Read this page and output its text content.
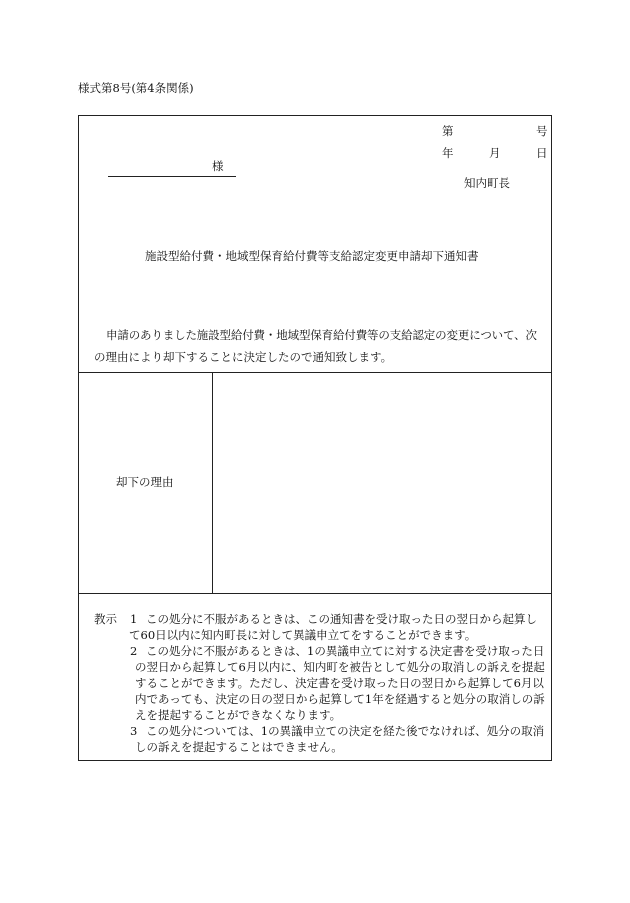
様式第8号(第4条関係)
第	号
年	月	日
様
知内町長
施設型給付費・地域型保育給付費等支給認定変更申請却下通知書

申請のありました施設型給付費・地域型保育給付費等の支給認定の変更について、次

の理由により却下することに決定したので通知致します。

却下の理由
教示 1 この処分に不服があるときは、この通知書を受け取った日の翌日から起算し
て60日以内に知内町長に対して異議申立てをすることができます。
2 この処分に不服があるときは、1の異議申立てに対する決定書を受け取った日
の翌日から起算して6月以内に、知内町を被告として処分の取消しの訴えを提起
することができます。ただし、決定書を受け取った日の翌日から起算して6月以
内であっても、決定の日の翌日から起算して1年を経過すると処分の取消しの訴
えを提起することができなくなります。
3 この処分については、1の異議申立ての決定を経た後でなければ、処分の取消
しの訴えを提起することはできません。
